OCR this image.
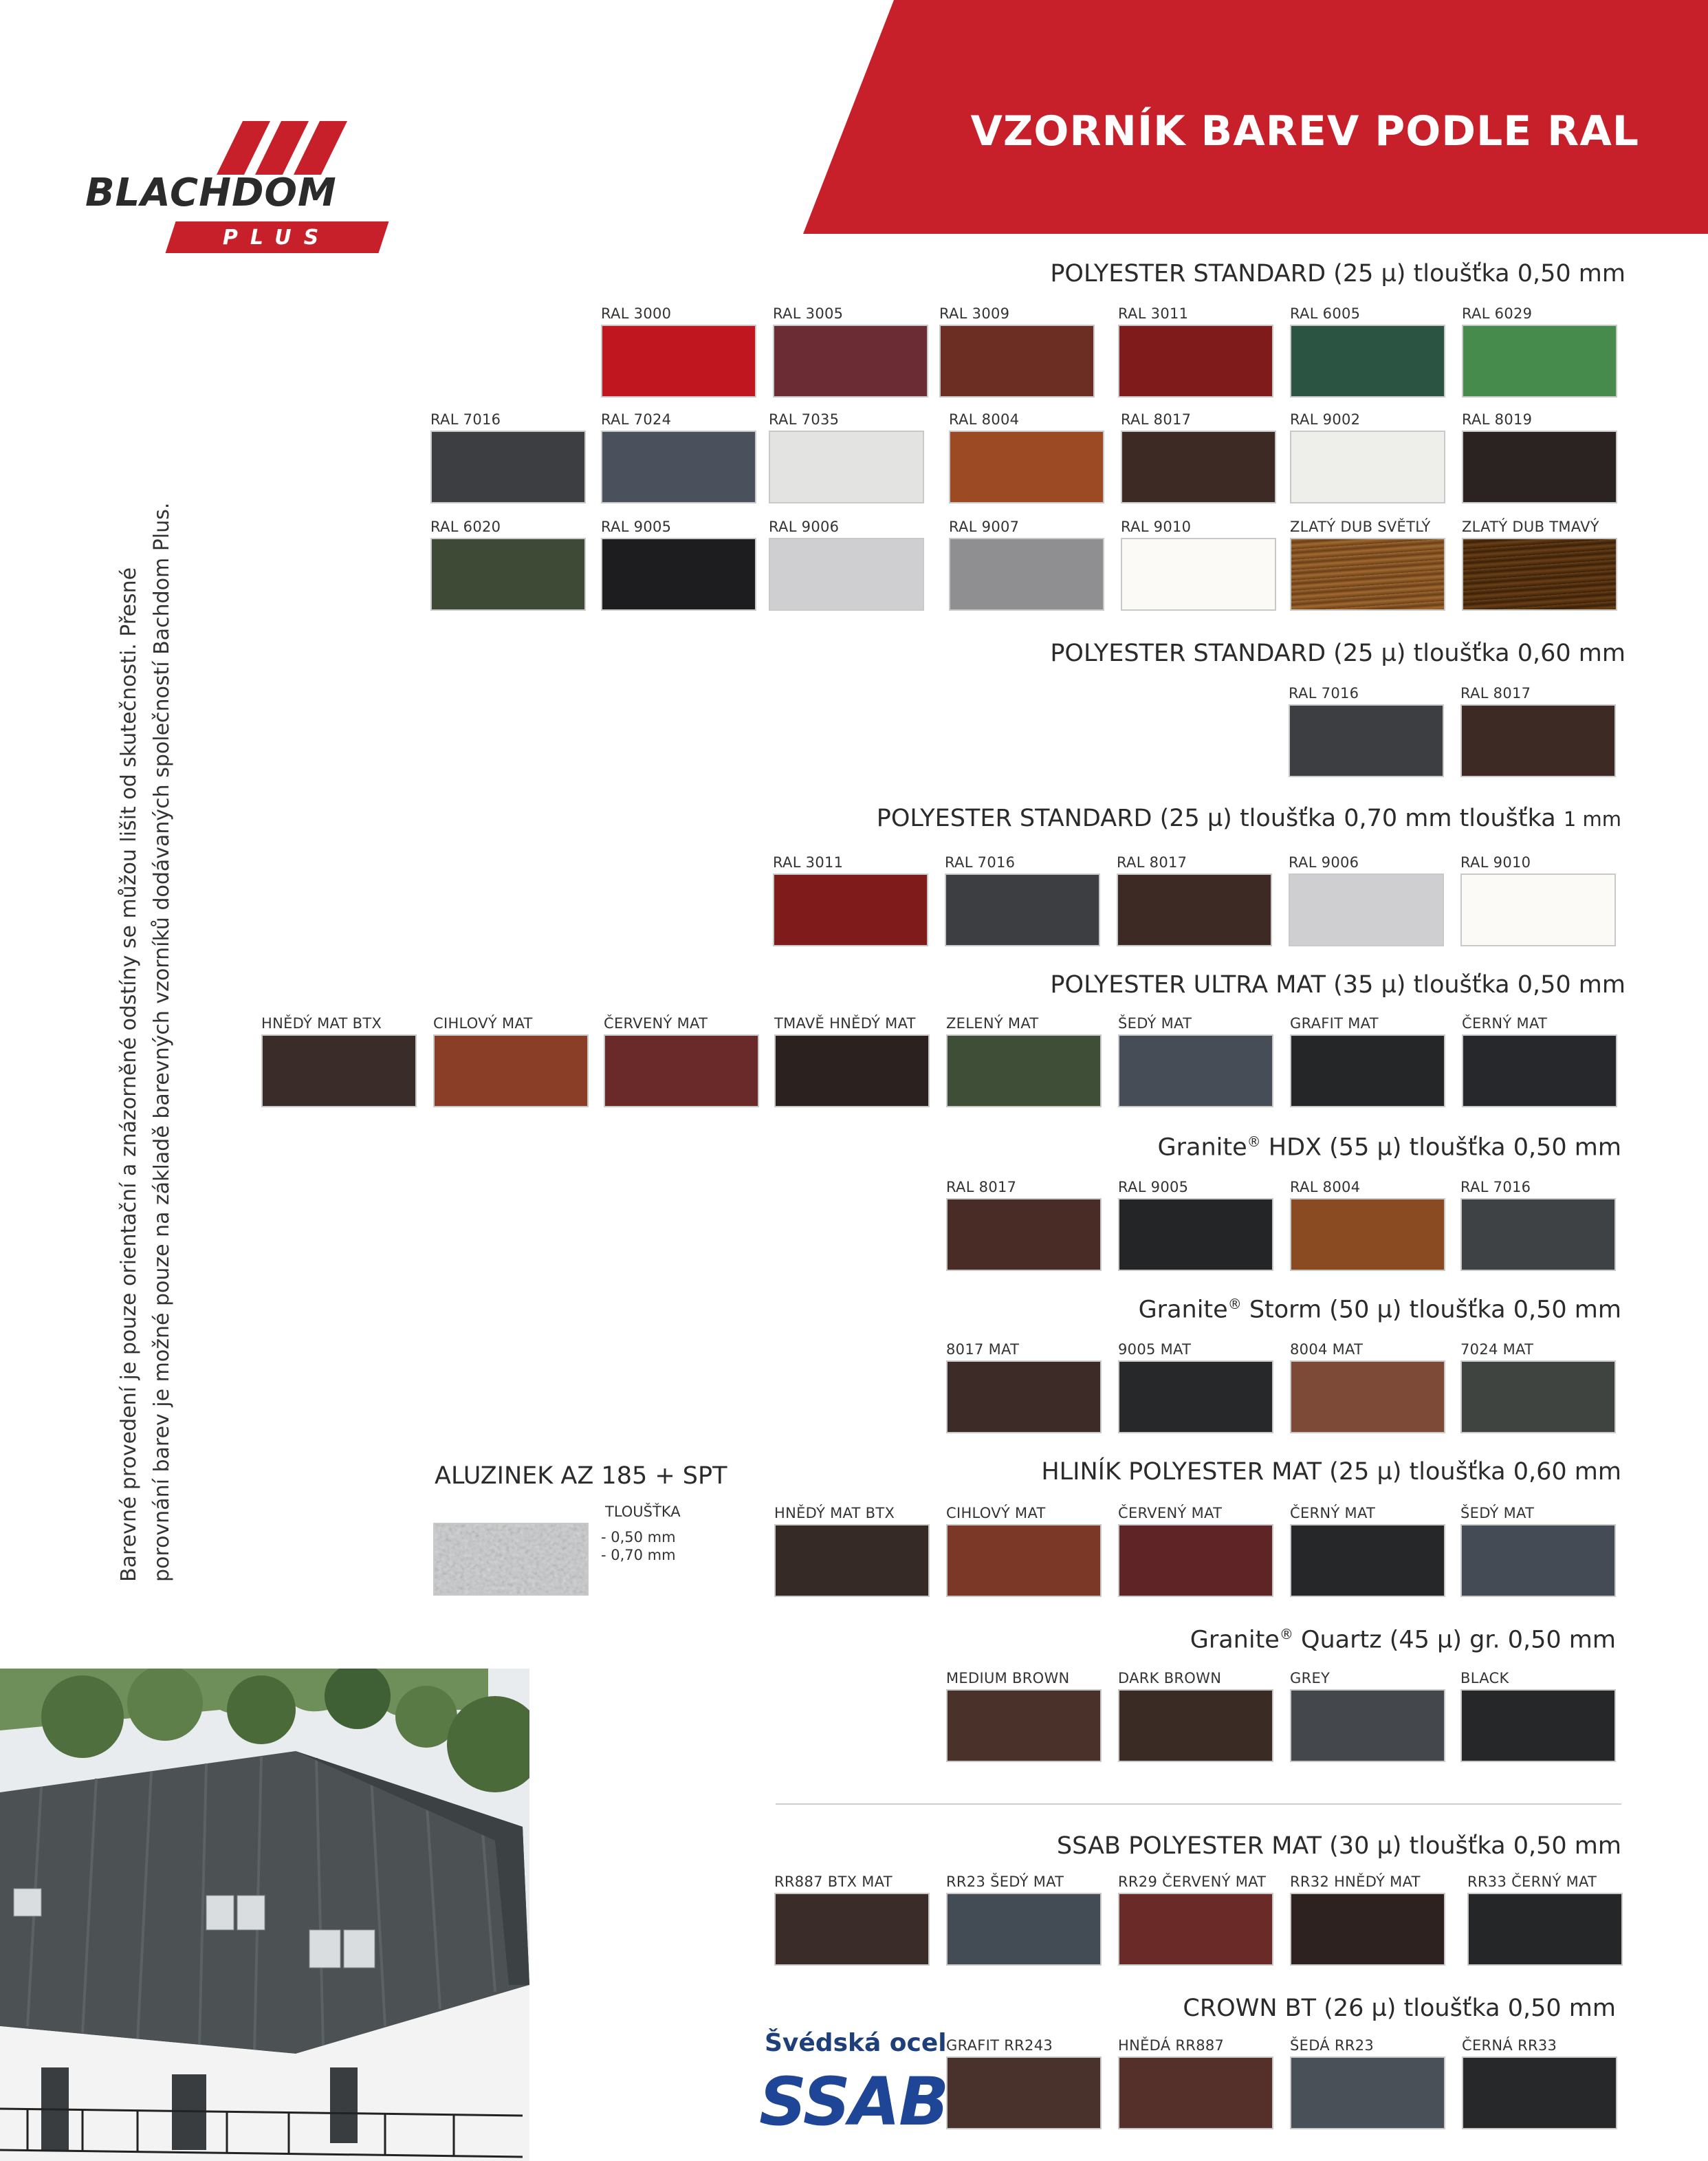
VZORNÍK BAREV PODLE RAL
BLACHDOM
PLUS
Barevné provedení je pouze orientační a znázorněné odstíny se můžou lišit od skutečnosti. Přesné porovnání barev je možné pouze na základě barevných vzorníků dodávaných společností Bachdom Plus.
POLYESTER STANDARD (25 µ) tloušťka 0,50 mm
POLYESTER STANDARD (25 µ) tloušťka 0,60 mm
POLYESTER STANDARD (25 µ) tloušťka 0,70 mm tloušťka 1 mm
POLYESTER ULTRA MAT (35 µ) tloušťka 0,50 mm
Granite® HDX (55 µ) tloušťka 0,50 mm
Granite® Storm (50 µ) tloušťka 0,50 mm
HLINÍK POLYESTER MAT (25 µ) tloušťka 0,60 mm
Granite® Quartz (45 µ) gr. 0,50 mm
SSAB POLYESTER MAT (30 µ) tloušťka 0,50 mm
CROWN BT (26 µ) tloušťka 0,50 mm
RAL 3000	RAL 3005	RAL 3009	RAL 3011	RAL 6005	RAL 6029
RAL 7016	RAL 7024	RAL 7035	RAL 8004	RAL 8017	RAL 9002	RAL 8019
RAL 6020	RAL 9005	RAL 9006	RAL 9007	RAL 9010	ZLATÝ DUB SVĚTLÝ	ZLATÝ DUB TMAVÝ
RAL 7016	RAL 8017
RAL 3011	RAL 7016	RAL 8017	RAL 9006	RAL 9010
HNĚDÝ MAT BTX	CIHLOVÝ MAT	ČERVENÝ MAT	TMAVĚ HNĚDÝ MAT	ZELENÝ MAT	ŠEDÝ MAT	GRAFIT MAT	ČERNÝ MAT
RAL 8017	RAL 9005	RAL 8004	RAL 7016
8017 MAT	9005 MAT	8004 MAT	7024 MAT
HNĚDÝ MAT BTX	CIHLOVÝ MAT	ČERVENÝ MAT	ČERNÝ MAT	ŠEDÝ MAT
MEDIUM BROWN	DARK BROWN	GREY	BLACK
RR887 BTX MAT	RR23 ŠEDÝ MAT	RR29 ČERVENÝ MAT	RR32 HNĚDÝ MAT	RR33 ČERNÝ MAT
GRAFIT RR243	HNĚDÁ RR887	ŠEDÁ RR23	ČERNÁ RR33
ALUZINEK AZ 185 + SPT
TLOUŠŤKA
- 0,50 mm
- 0,70 mm
Švédská ocel
SSAB
